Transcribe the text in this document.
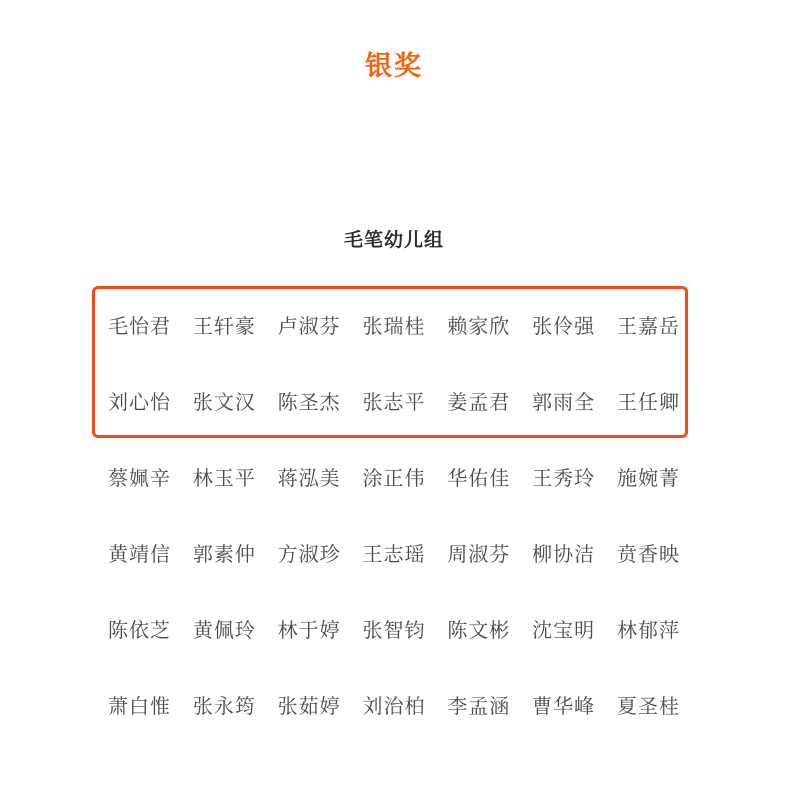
银奖
毛笔幼儿组
毛怡君 王轩豪 卢淑芬 张瑞桂 赖家欣 张伶强 王嘉岳
刘心怡 张文汉 陈圣杰 张志平 姜孟君 郭雨全 王任卿
蔡姵辛 林玉平 蒋泓美 涂正伟 华佑佳 王秀玲 施婉菁
黄靖信 郭素仲 方淑珍 王志瑶 周淑芬 柳协洁 贲香映
陈依芝 黄佩玲 林于婷 张智钧 陈文彬 沈宝明 林郁萍
萧白惟 张永筠 张茹婷 刘治柏 李孟涵 曹华峰 夏圣桂
